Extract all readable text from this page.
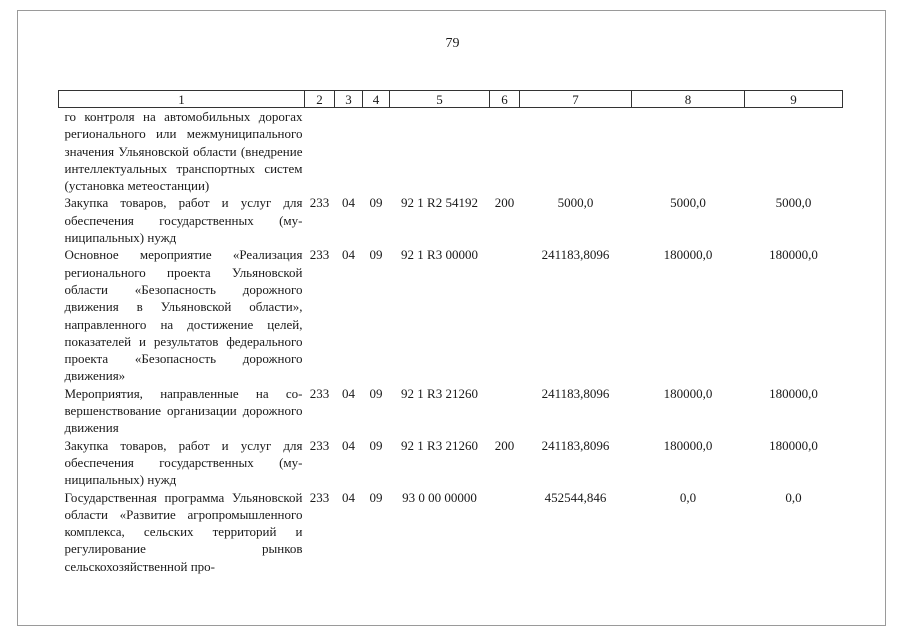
79
1	2	3	4	5	6	7	8	9
го контроля на автомобильных дорогах регионального или межмуниципального значения Ульяновской области (внедрение интеллектуальных транспортных систем (установка метеостанции)								
Закупка товаров, работ и услуг для обеспечения государственных (муниципальных) нужд	233	04	09	92 1 R2 54192	200	5000,0	5000,0	5000,0
Основное мероприятие «Реализация регионального проекта Ульяновской области «Безопасность дорожного движения в Ульяновской области», направленного на достижение целей, показателей и результатов федерального проекта «Безопасность дорожного движения»	233	04	09	92 1 R3 00000		241183,8096	180000,0	180000,0
Мероприятия, направленные на совершенствование организации дорожного движения	233	04	09	92 1 R3 21260		241183,8096	180000,0	180000,0
Закупка товаров, работ и услуг для обеспечения государственных (муниципальных) нужд	233	04	09	92 1 R3 21260	200	241183,8096	180000,0	180000,0
Государственная программа Ульяновской области «Развитие агропромышленного комплекса, сельских территорий и регулирование рынков сельскохозяйственной про-	233	04	09	93 0 00 00000		452544,846	0,0	0,0
